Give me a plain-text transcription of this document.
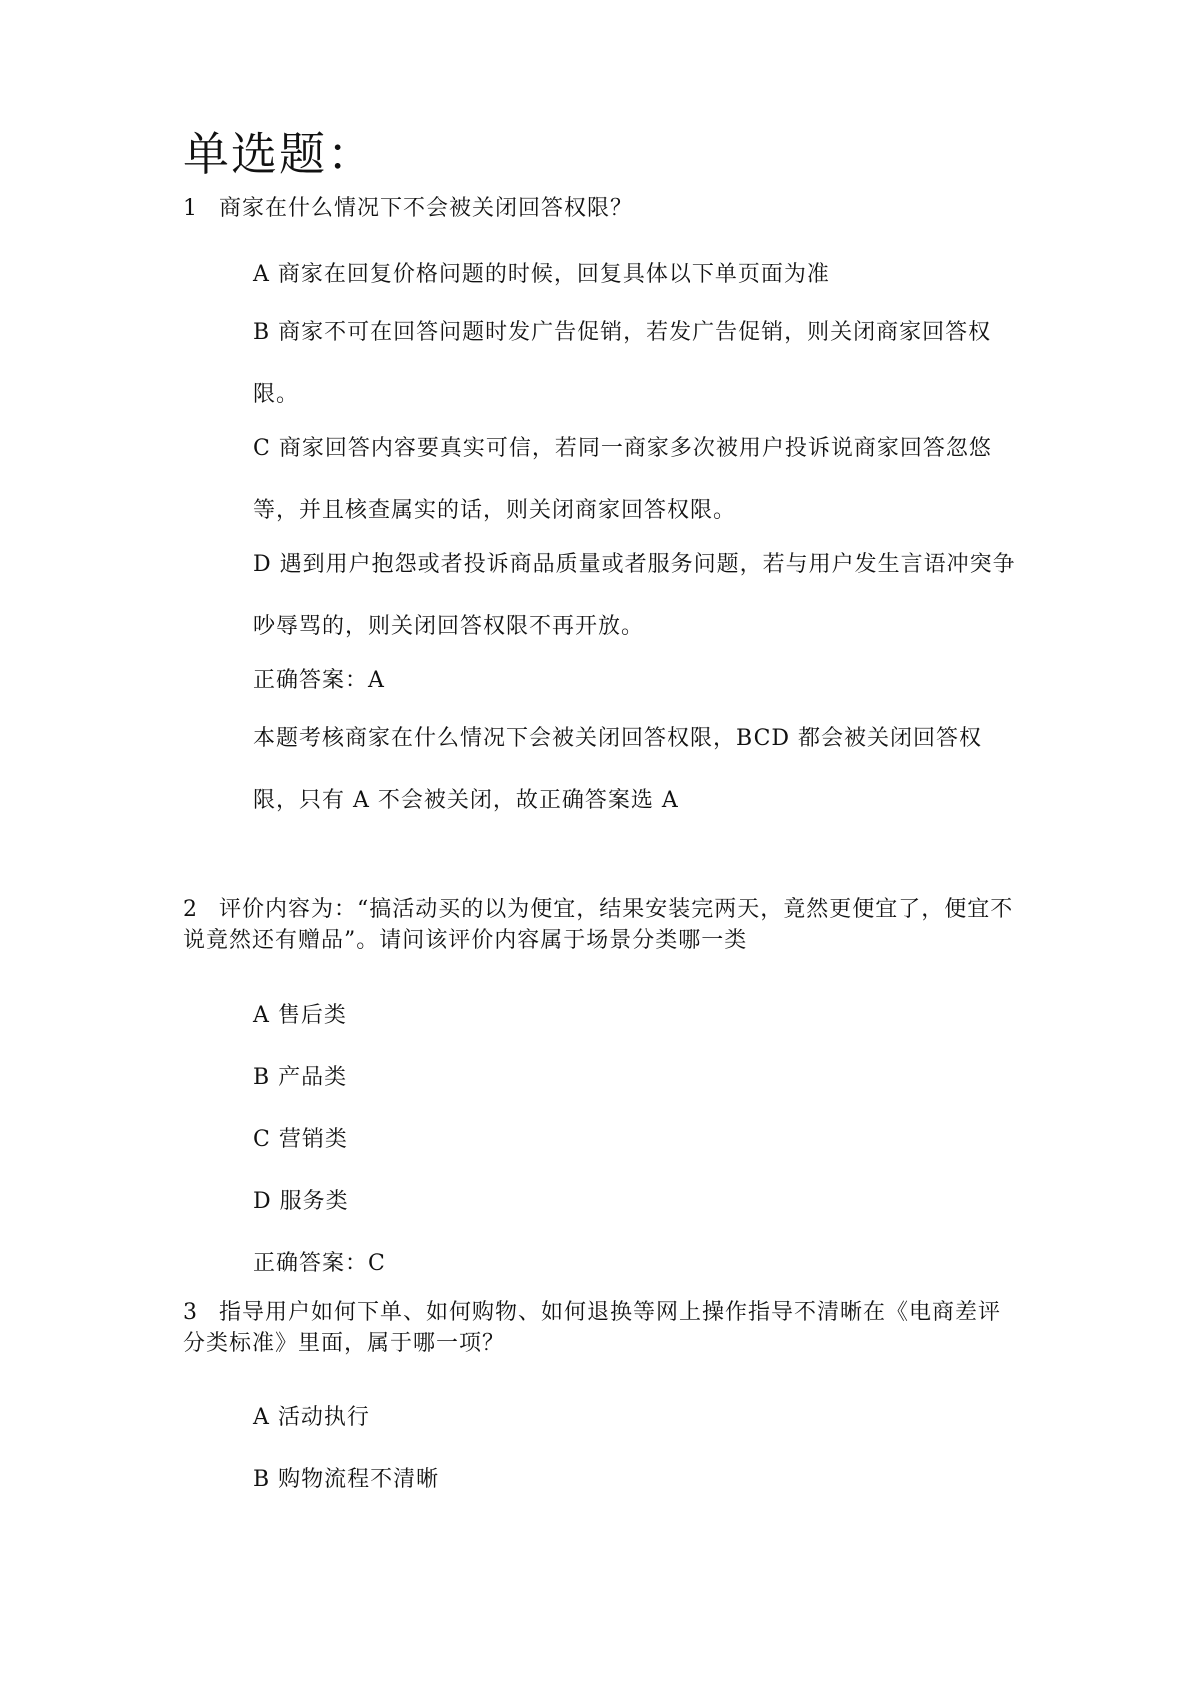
单选题：

1 商家在什么情况下不会被关闭回答权限？

A 商家在回复价格问题的时候，回复具体以下单页面为准

B 商家不可在回答问题时发广告促销，若发广告促销，则关闭商家回答权限。

C 商家回答内容要真实可信，若同一商家多次被用户投诉说商家回答忽悠等，并且核查属实的话，则关闭商家回答权限。

D 遇到用户抱怨或者投诉商品质量或者服务问题，若与用户发生言语冲突争吵辱骂的，则关闭回答权限不再开放。

正确答案：A

本题考核商家在什么情况下会被关闭回答权限，BCD 都会被关闭回答权限，只有 A 不会被关闭，故正确答案选 A

2 评价内容为：“搞活动买的以为便宜，结果安装完两天，竟然更便宜了，便宜不说竟然还有赠品”。请问该评价内容属于场景分类哪一类

A 售后类

B 产品类

C 营销类

D 服务类

正确答案：C

3 指导用户如何下单、如何购物、如何退换等网上操作指导不清晰在《电商差评分类标准》里面，属于哪一项？

A 活动执行

B 购物流程不清晰
